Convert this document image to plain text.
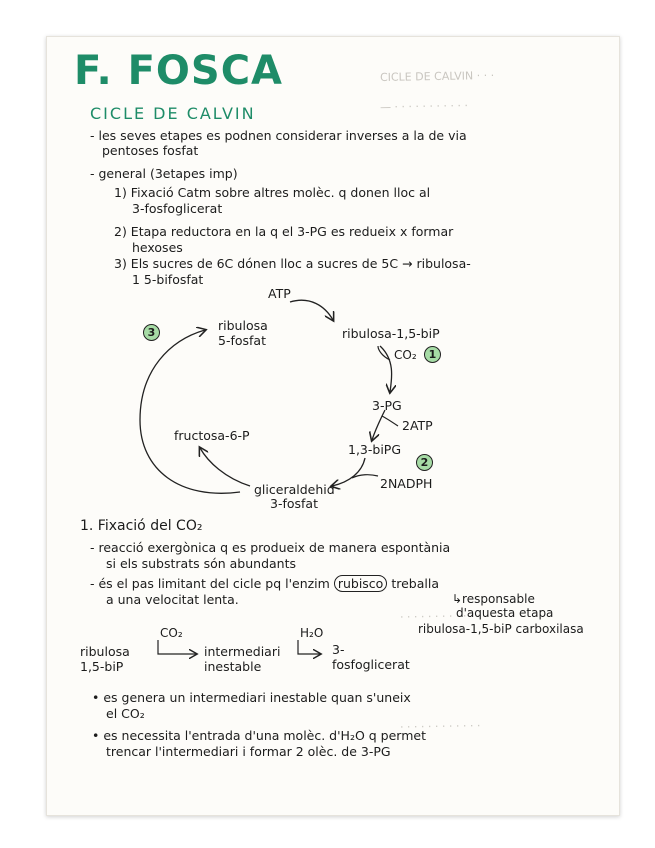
CICLE DE CALVIN · · ·
— · · · · · · · · · · ·
· · · · · · · · · · · ·
· · · · · · · · · · · ·
F. FOSCA
CICLE DE CALVIN
- les seves etapes es podnen considerar inverses a la de via
pentoses fosfat
- general (3etapes imp)
1) Fixació Catm sobre altres molèc. q donen lloc al
3-fosfoglicerat
2) Etapa reductora en la q el 3-PG es redueix x formar
hexoses
3) Els sucres de 6C dónen lloc a sucres de 5C → ribulosa-
1 5-bifosfat
ATP
3	ribulosa
5-fosfat	ribulosa-1,5-biP
CO₂	1
3-PG
2ATP
fructosa-6-P
1,3-biPG
2
2NADPH
gliceraldehid
3-fosfat
1. Fixació del CO₂
- reacció exergònica q es produeix de manera espontània
si els substrats són abundants
- és el pas limitant del cicle pq l'enzim rubisco treballa
a una velocitat lenta.	↳responsable
d'aquesta etapa
ribulosa-1,5-biP carboxilasa
CO₂
ribulosa
1,5-biP
intermediari
inestable
H₂O
3-
fosfoglicerat
• es genera un intermediari inestable quan s'uneix
el CO₂
• es necessita l'entrada d'una molèc. d'H₂O q permet
trencar l'intermediari i formar 2 olèc. de 3-PG
